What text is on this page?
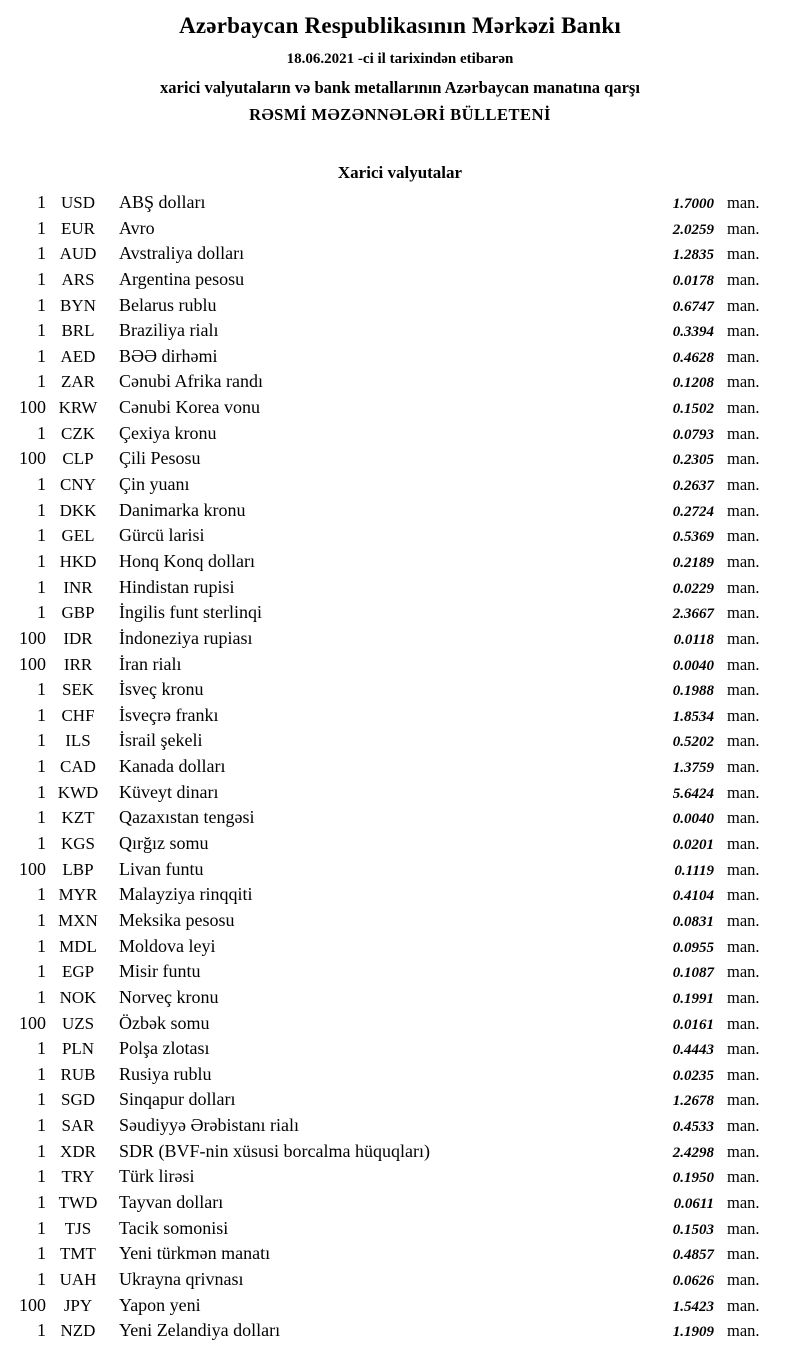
Azərbaycan Respublikasının Mərkəzi Bankı
18.06.2021 -ci il tarixindən etibarən
xarici valyutaların və bank metallarının Azərbaycan manatına qarşı
RƏSMİ MƏZƏNNƏLƏRİ BÜLLETENİ
Xarici valyutalar
1 USD	ABŞ dolları	1.7000 man.
1 EUR	Avro	2.0259 man.
1 AUD	Avstraliya dolları	1.2835 man.
1 ARS	Argentina pesosu	0.0178 man.
1 BYN	Belarus rublu	0.6747 man.
1 BRL	Braziliya rialı	0.3394 man.
1 AED	BƏƏ dirhəmi	0.4628 man.
1 ZAR	Cənubi Afrika randı	0.1208 man.
100 KRW	Cənubi Korea vonu	0.1502 man.
1 CZK	Çexiya kronu	0.0793 man.
100 CLP	Çili Pesosu	0.2305 man.
1 CNY	Çin yuanı	0.2637 man.
1 DKK	Danimarka kronu	0.2724 man.
1 GEL	Gürcü larisi	0.5369 man.
1 HKD	Honq Konq dolları	0.2189 man.
1	INR	Hindistan rupisi	0.0229 man.
1 GBP	İngilis funt sterlinqi	2.3667 man.
100	IDR	İndoneziya rupiası	0.0118 man.
100	IRR	İran rialı	0.0040 man.
1 SEK	İsveç kronu	0.1988 man.
1 CHF	İsveçrə frankı	1.8534 man.
1	ILS	İsrail şekeli	0.5202 man.
1 CAD	Kanada dolları	1.3759 man.
1 KWD	Küveyt dinarı	5.6424 man.
1 KZT	Qazaxıstan tengəsi	0.0040 man.
1 KGS	Qırğız somu	0.0201 man.
100 LBP	Livan funtu	0.1119 man.
1 MYR	Malayziya rinqqiti	0.4104 man.
1 MXN	Meksika pesosu	0.0831 man.
1 MDL	Moldova leyi	0.0955 man.
1 EGP	Misir funtu	0.1087 man.
1 NOK	Norveç kronu	0.1991 man.
100 UZS	Özbək somu	0.0161 man.
1 PLN	Polşa zlotası	0.4443 man.
1 RUB	Rusiya rublu	0.0235 man.
1 SGD	Sinqapur dolları	1.2678 man.
1 SAR	Səudiyyə Ərəbistanı rialı	0.4533 man.
1 XDR	SDR (BVF-nin xüsusi borcalma hüquqları)	2.4298 man.
1 TRY	Türk lirəsi	0.1950 man.
1 TWD	Tayvan dolları	0.0611 man.
1	TJS	Tacik somonisi	0.1503 man.
1 TMT	Yeni türkmən manatı	0.4857 man.
1 UAH	Ukrayna qrivnası	0.0626 man.
100	JPY	Yapon yeni	1.5423 man.
1 NZD	Yeni Zelandiya dolları	1.1909 man.
